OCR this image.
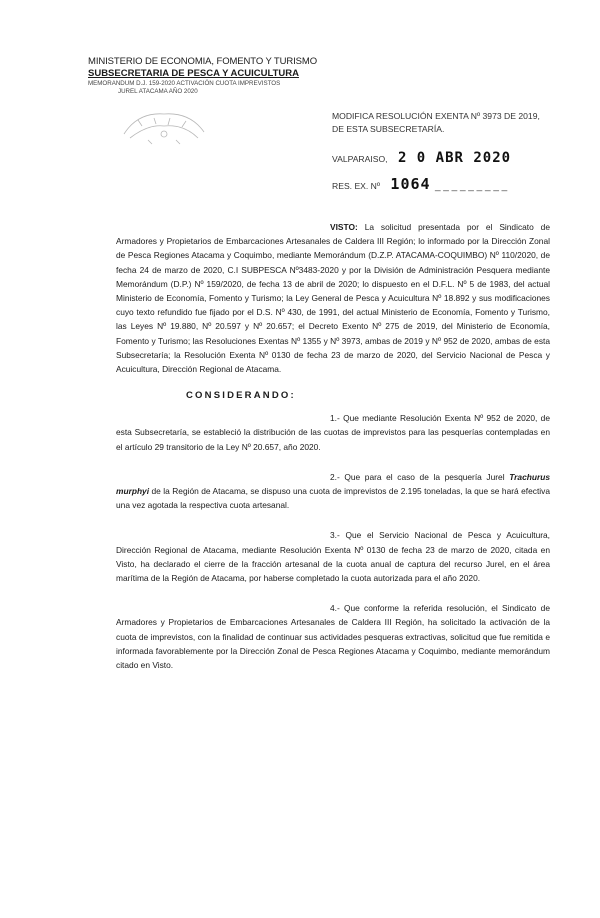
MINISTERIO DE ECONOMIA, FOMENTO Y TURISMO
SUBSECRETARIA DE PESCA Y ACUICULTURA
MEMORANDUM D.J. 159-2020 ACTIVACIÓN CUOTA IMPREVISTOS
JUREL ATACAMA AÑO 2020
MODIFICA RESOLUCIÓN EXENTA Nº 3973 DE 2019, DE ESTA SUBSECRETARÍA.
VALPARAISO, 2 0 ABR 2020
RES. EX. Nº 1064 _ _ _ _ _ _ _ _ _

VISTO: La solicitud presentada por el Sindicato de Armadores y Propietarios de Embarcaciones Artesanales de Caldera III Región; lo informado por la Dirección Zonal de Pesca Regiones Atacama y Coquimbo, mediante Memorándum (D.Z.P. ATACAMA-COQUIMBO) Nº 110/2020, de fecha 24 de marzo de 2020, C.I SUBPESCA Nº3483-2020 y por la División de Administración Pesquera mediante Memorándum (D.P.) Nº 159/2020, de fecha 13 de abril de 2020; lo dispuesto en el D.F.L. Nº 5 de 1983, del actual Ministerio de Economía, Fomento y Turismo; la Ley General de Pesca y Acuicultura Nº 18.892 y sus modificaciones cuyo texto refundido fue fijado por el D.S. Nº 430, de 1991, del actual Ministerio de Economía, Fomento y Turismo, las Leyes Nº 19.880, Nº 20.597 y Nº 20.657; el Decreto Exento Nº 275 de 2019, del Ministerio de Economía, Fomento y Turismo; las Resoluciones Exentas Nº 1355 y Nº 3973, ambas de 2019 y Nº 952 de 2020, ambas de esta Subsecretaría; la Resolución Exenta Nº 0130 de fecha 23 de marzo de 2020, del Servicio Nacional de Pesca y Acuicultura, Dirección Regional de Atacama.

CONSIDERANDO:

1.- Que mediante Resolución Exenta Nº 952 de 2020, de esta Subsecretaría, se estableció la distribución de las cuotas de imprevistos para las pesquerías contempladas en el artículo 29 transitorio de la Ley Nº 20.657, año 2020.

2.- Que para el caso de la pesquería Jurel Trachurus murphyi de la Región de Atacama, se dispuso una cuota de imprevistos de 2.195 toneladas, la que se hará efectiva una vez agotada la respectiva cuota artesanal.

3.- Que el Servicio Nacional de Pesca y Acuicultura, Dirección Regional de Atacama, mediante Resolución Exenta Nº 0130 de fecha 23 de marzo de 2020, citada en Visto, ha declarado el cierre de la fracción artesanal de la cuota anual de captura del recurso Jurel, en el área marítima de la Región de Atacama, por haberse completado la cuota autorizada para el año 2020.

4.- Que conforme la referida resolución, el Sindicato de Armadores y Propietarios de Embarcaciones Artesanales de Caldera III Región, ha solicitado la activación de la cuota de imprevistos, con la finalidad de continuar sus actividades pesqueras extractivas, solicitud que fue remitida e informada favorablemente por la Dirección Zonal de Pesca Regiones Atacama y Coquimbo, mediante memorándum citado en Visto.
